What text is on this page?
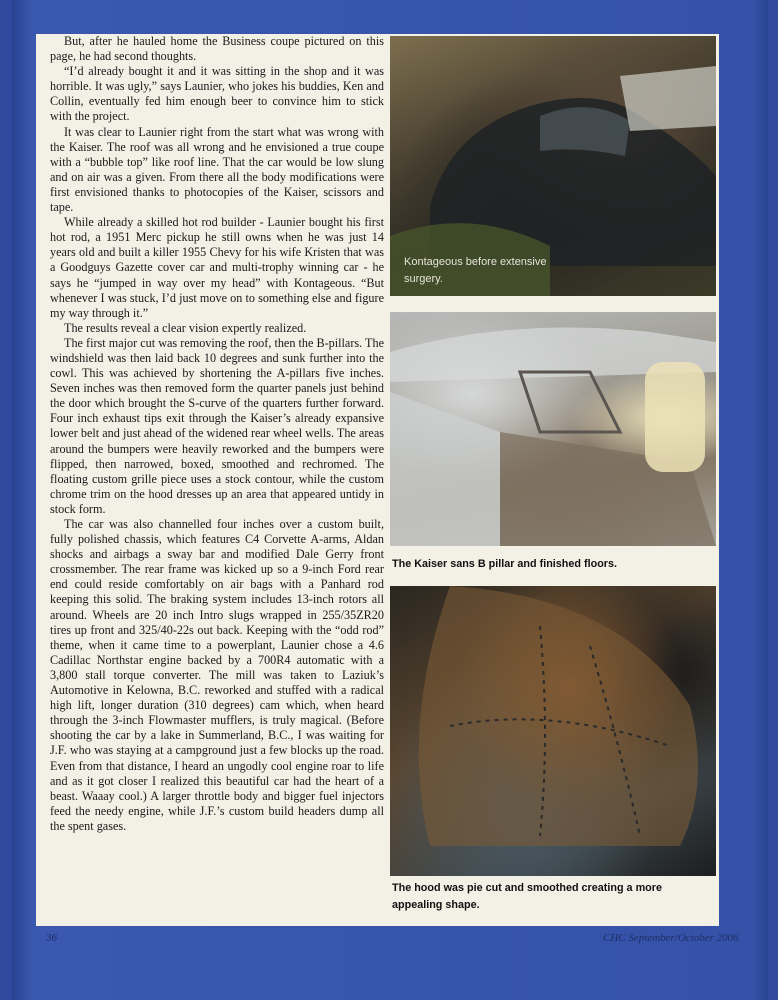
But, after he hauled home the Business coupe pictured on this page, he had second thoughts.

“I’d already bought it and it was sitting in the shop and it was horrible. It was ugly,” says Launier, who jokes his buddies, Ken and Collin, eventually fed him enough beer to convince him to stick with the project.

It was clear to Launier right from the start what was wrong with the Kaiser. The roof was all wrong and he envisioned a true coupe with a “bubble top” like roof line. That the car would be low slung and on air was a given. From there all the body modifications were first envisioned thanks to photocopies of the Kaiser, scissors and tape.

While already a skilled hot rod builder - Launier bought his first hot rod, a 1951 Merc pickup he still owns when he was just 14 years old and built a killer 1955 Chevy for his wife Kristen that was a Goodguys Gazette cover car and multi-trophy winning car - he says he “jumped in way over my head” with Kontageous. “But whenever I was stuck, I’d just move on to something else and figure my way through it.”

The results reveal a clear vision expertly realized.

The first major cut was removing the roof, then the B-pillars. The windshield was then laid back 10 degrees and sunk further into the cowl. This was achieved by shortening the A-pillars five inches. Seven inches was then removed form the quarter panels just behind the door which brought the S-curve of the quarters further forward. Four inch exhaust tips exit through the Kaiser’s already expansive lower belt and just ahead of the widened rear wheel wells. The areas around the bumpers were heavily reworked and the bumpers were flipped, then narrowed, boxed, smoothed and rechromed. The floating custom grille piece uses a stock contour, while the custom chrome trim on the hood dresses up an area that appeared untidy in stock form.

The car was also channelled four inches over a custom built, fully polished chassis, which features C4 Corvette A-arms, Aldan shocks and airbags a sway bar and modified Dale Gerry front crossmember. The rear frame was kicked up so a 9-inch Ford rear end could reside comfortably on air bags with a Panhard rod keeping this solid. The braking system includes 13-inch rotors all around. Wheels are 20 inch Intro slugs wrapped in 255/35ZR20 tires up front and 325/40-22s out back. Keeping with the “odd rod” theme, when it came time to a powerplant, Launier chose a 4.6 Cadillac Northstar engine backed by a 700R4 automatic with a 3,800 stall torque converter. The mill was taken to Laziuk’s Automotive in Kelowna, B.C. reworked and stuffed with a radical high lift, longer duration (310 degrees) cam which, when heard through the 3-inch Flowmaster mufflers, is truly magical. (Before shooting the car by a lake in Summerland, B.C., I was waiting for J.F. who was staying at a campground just a few blocks up the road. Even from that distance, I heard an ungodly cool engine roar to life and as it got closer I realized this beautiful car had the heart of a beast. Waaay cool.) A larger throttle body and bigger fuel injectors feed the needy engine, while J.F.’s custom build headers dump all the spent gases.

Kontageous before extensive surgery.
The Kaiser sans B pillar and finished floors.
The hood was pie cut and smoothed creating a more appealing shape.
36	CHC September/October 2006
